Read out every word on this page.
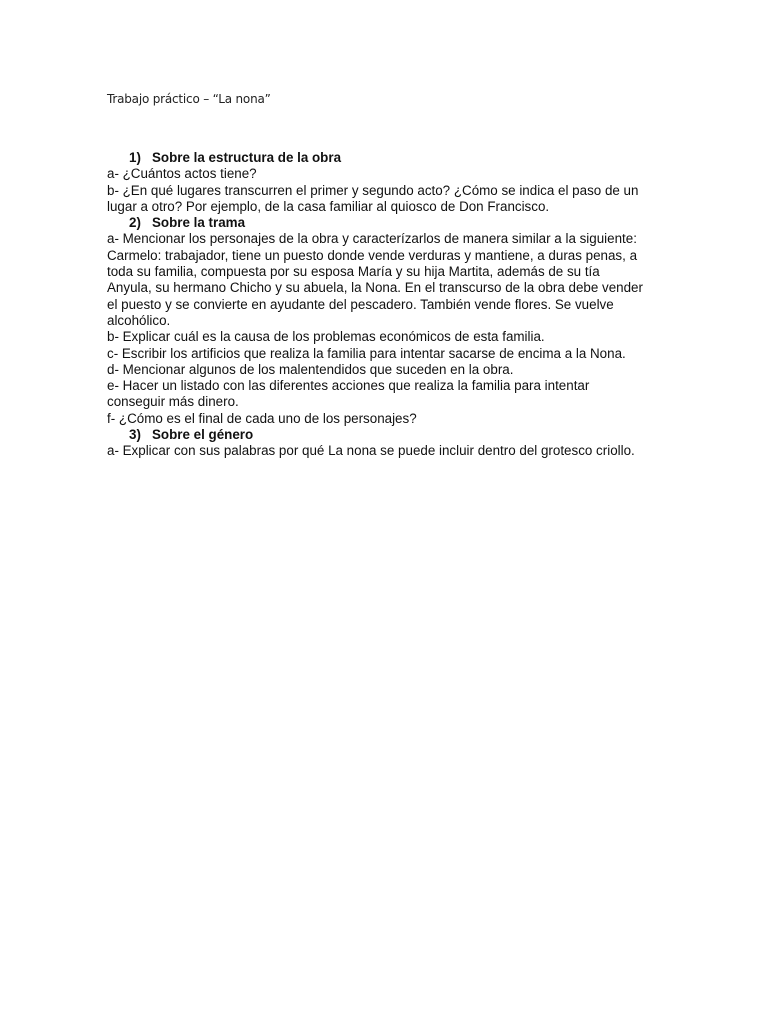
Trabajo práctico – “La nona”
1) Sobre la estructura de la obra
a- ¿Cuántos actos tiene?
b- ¿En qué lugares transcurren el primer y segundo acto? ¿Cómo se indica el paso de un
lugar a otro? Por ejemplo, de la casa familiar al quiosco de Don Francisco.
2) Sobre la trama
a- Mencionar los personajes de la obra y caracterízarlos de manera similar a la siguiente:
Carmelo: trabajador, tiene un puesto donde vende verduras y mantiene, a duras penas, a
toda su familia, compuesta por su esposa María y su hija Martita, además de su tía
Anyula, su hermano Chicho y su abuela, la Nona. En el transcurso de la obra debe vender
el puesto y se convierte en ayudante del pescadero. También vende flores. Se vuelve
alcohólico.
b- Explicar cuál es la causa de los problemas económicos de esta familia.
c- Escribir los artificios que realiza la familia para intentar sacarse de encima a la Nona.
d- Mencionar algunos de los malentendidos que suceden en la obra.
e- Hacer un listado con las diferentes acciones que realiza la familia para intentar
conseguir más dinero.
f- ¿Cómo es el final de cada uno de los personajes?
3) Sobre el género
a- Explicar con sus palabras por qué La nona se puede incluir dentro del grotesco criollo.
